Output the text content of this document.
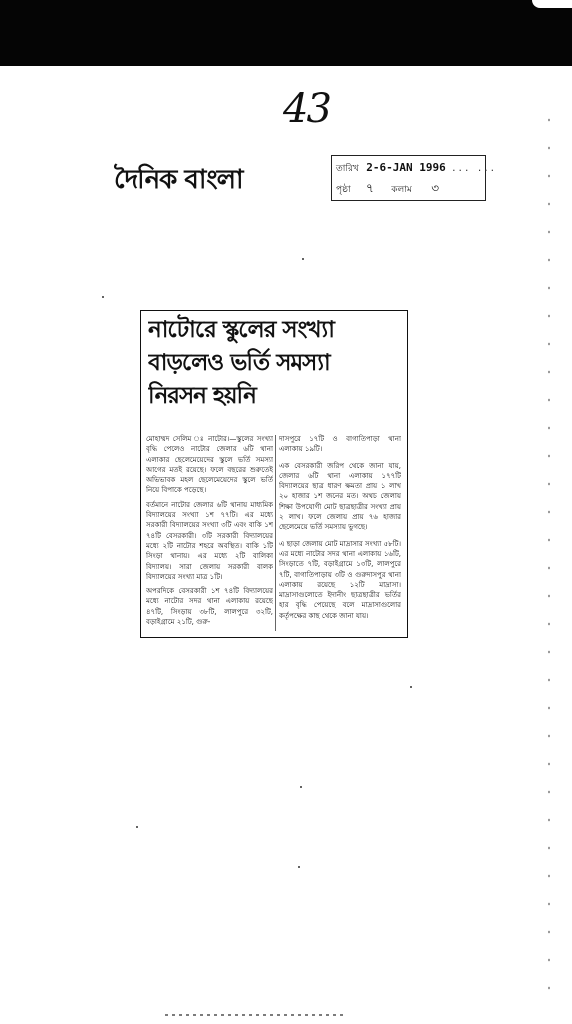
43
দৈনিক বাংলা	তারিখ 2-6-JAN 1996 ... ...
পৃষ্ঠা ৭ কলাম ৩
নাটোরে স্কুলের সংখ্যা
বাড়লেও ভর্তি সমস্যা
নিরসন হয়নি
মোহাম্মদ সেলিম ঃ নাটোর।—স্কুলের সংখ্যা বৃদ্ধি পেলেও নাটোর জেলার ৬টি থানা এলাকার ছেলেমেয়েদের স্কুলে ভর্তি সমস্যা আগের মতই রয়েছে। ফলে বছরের শুরুতেই অভিভাবক মহল ছেলেমেয়েদের স্কুলে ভর্তি নিয়ে বিপাকে পড়েছে।
বর্তমানে নাটোর জেলার ৬টি থানায় মাধ্যমিক বিদ্যালয়ের সংখ্যা ১শ ৭৭টি। এর মধ্যে সরকারী বিদ্যালয়ের সংখ্যা ৩টি এবং বাকি ১শ ৭৪টি বেসরকারী। ৩টি সরকারী বিদ্যালয়ের মধ্যে ২টি নাটোর শহরে অবস্থিত। বাকি ১টি সিংড়া থানায়। এর মধ্যে ২টি বালিকা বিদ্যালয়। সারা জেলায় সরকারী বালক বিদ্যালয়ের সংখ্যা মাত্র ১টি।
অপরদিকে বেসরকারী ১শ ৭৪টি বিদ্যালয়ের মধ্যে নাটোর সদর থানা এলাকায় রয়েছে ৪৭টি, সিংড়ায় ৩৮টি, লালপুরে ৩২টি, বড়াইগ্রামে ২১টি, গুরু-
দাসপুরে ১৭টি ও বাগাতিপাড়া থানা এলাকায় ১৯টি।
এক বেসরকারী জরিপ থেকে জানা যায়, জেলার ৬টি থানা এলাকায় ১৭৭টি বিদ্যালয়ের ছাত্র ধারণ ক্ষমতা প্রায় ১ লাখ ২০ হাজার ১শ জনের মত। অথচ জেলায় শিক্ষা উপযোগী মোট ছাত্রছাত্রীর সংখ্যা প্রায় ২ লাখ। ফলে জেলায় প্রায় ৭৬ হাজার ছেলেমেয়ে ভর্তি সমস্যায় ভুগছে।
এ ছাড়া জেলায় মোট মাদ্রাসার সংখ্যা ৫৮টি। এর মধ্যে নাটোর সদর থানা এলাকায় ১৬টি, সিংড়াতে ৭টি, বড়াইগ্রামে ১৩টি, লালপুরে ৭টি, বাগাতিপাড়ায় ৩টি ও গুরুদাসপুর থানা এলাকায় রয়েছে ১২টি মাদ্রাসা। মাদ্রাসাগুলোতে ইদানীং ছাত্রছাত্রীর ভর্তির হার বৃদ্ধি পেয়েছে বলে মাদ্রাসাগুলোর কর্তৃপক্ষের কাছ থেকে জানা যায়।
